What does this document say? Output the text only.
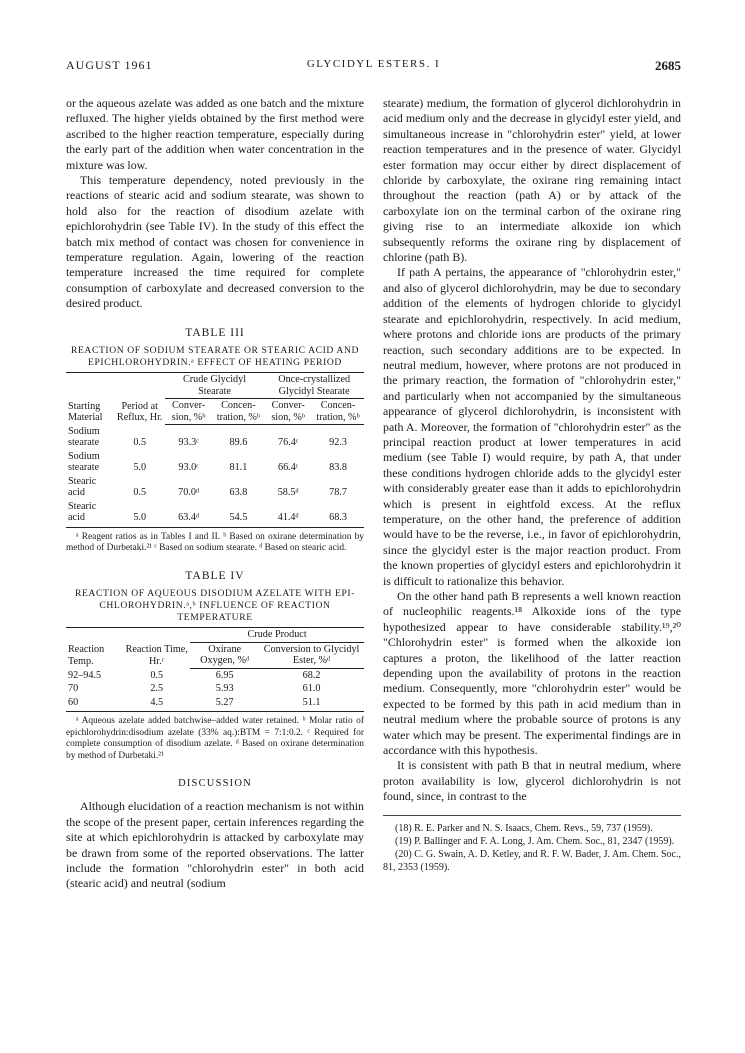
AUGUST 1961	GLYCIDYL ESTERS. I	2685

or the aqueous azelate was added as one batch and the mixture refluxed. The higher yields obtained by the first method were ascribed to the higher reaction temperature, especially during the early part of the addition when water concentration in the mixture was low.

This temperature dependency, noted previously in the reactions of stearic acid and sodium stearate, was shown to hold also for the reaction of disodium azelate with epichlorohydrin (see Table IV). In the study of this effect the batch mix method of contact was chosen for convenience in temperature regulation. Again, lowering of the reaction temperature increased the time required for complete consumption of carboxylate and decreased conversion to the desired product.

TABLE III
REACTION OF SODIUM STEARATE OR STEARIC ACID AND
EPICHLOROHYDRIN.ᵃ EFFECT OF HEATING PERIOD
Starting Material	Period at Reflux, Hr.	Crude Glycidyl Stearate		Once-crystallized Glycidyl Stearate	
		Conver- sion, %ᵇ	Concen- tration, %ᵇ	Conver- sion, %ᵇ	Concen- tration, %ᵇ
Sodium stearate	0.5	93.3ᶜ	89.6	76.4ᶜ	92.3
Sodium stearate	5.0	93.0ᶜ	81.1	66.4ᶜ	83.8
Stearic acid	0.5	70.0ᵈ	63.8	58.5ᵈ	78.7
Stearic acid	5.0	63.4ᵈ	54.5	41.4ᵈ	68.3
ᵃ Reagent ratios as in Tables I and II. ᵇ Based on oxirane determination by method of Durbetaki.²¹ ᶜ Based on sodium stearate. ᵈ Based on stearic acid.
TABLE IV
REACTION OF AQUEOUS DISODIUM AZELATE WITH EPI-
CHLOROHYDRIN.ᵃ,ᵇ INFLUENCE OF REACTION TEMPERATURE
Reaction Temp.	Reaction Time, Hr.ᶜ	Crude Product	
		Oxirane Oxygen, %ᵈ	Conversion to Glycidyl Ester, %ᵈ
92–94.5	0.5	6.95	68.2
70	2.5	5.93	61.0
60	4.5	5.27	51.1
ᵃ Aqueous azelate added batchwise–added water retained. ᵇ Molar ratio of epichlorohydrin:disodium azelate (33% aq.):BTM = 7:1:0.2. ᶜ Required for complete consumption of disodium azelate. ᵈ Based on oxirane determination by method of Durbetaki.²¹
DISCUSSION

Although elucidation of a reaction mechanism is not within the scope of the present paper, certain inferences regarding the site at which epichlorohydrin is attacked by carboxylate may be drawn from some of the reported observations. The latter include the formation "chlorohydrin ester" in both acid (stearic acid) and neutral (sodium

stearate) medium, the formation of glycerol dichlorohydrin in acid medium only and the decrease in glycidyl ester yield, and simultaneous increase in "chlorohydrin ester" yield, at lower reaction temperatures and in the presence of water. Glycidyl ester formation may occur either by direct displacement of chloride by carboxylate, the oxirane ring remaining intact throughout the reaction (path A) or by attack of the carboxylate ion on the terminal carbon of the oxirane ring giving rise to an intermediate alkoxide ion which subsequently reforms the oxirane ring by displacement of chlorine (path B).

If path A pertains, the appearance of "chlorohydrin ester," and also of glycerol dichlorohydrin, may be due to secondary addition of the elements of hydrogen chloride to glycidyl stearate and epichlorohydrin, respectively. In acid medium, where protons and chloride ions are products of the primary reaction, such secondary additions are to be expected. In neutral medium, however, where protons are not produced in the primary reaction, the formation of "chlorohydrin ester," and particularly when not accompanied by the simultaneous appearance of glycerol dichlorohydrin, is inconsistent with path A. Moreover, the formation of "chlorohydrin ester" as the principal reaction product at lower temperatures in acid medium (see Table I) would require, by path A, that under these conditions hydrogen chloride adds to the glycidyl ester with considerably greater ease than it adds to epichlorohydrin which is present in eightfold excess. At the reflux temperature, on the other hand, the preference of addition would have to be the reverse, i.e., in favor of epichlorohydrin, since the glycidyl ester is the major reaction product. From the known properties of glycidyl esters and epichlorohydrin it is difficult to rationalize this behavior.

On the other hand path B represents a well known reaction of nucleophilic reagents.¹⁸ Alkoxide ions of the type hypothesized appear to have considerable stability.¹⁹,²⁰ "Chlorohydrin ester" is formed when the alkoxide ion captures a proton, the likelihood of the latter reaction depending upon the availability of protons in the reaction medium. Consequently, more "chlorohydrin ester" would be expected to be formed by this path in acid medium than in neutral medium where the probable source of protons is any water which may be present. The experimental findings are in accordance with this hypothesis.

It is consistent with path B that in neutral medium, where proton availability is low, glycerol dichlorohydrin is not found, since, in contrast to the

(18) R. E. Parker and N. S. Isaacs, Chem. Revs., 59, 737 (1959).

(19) P. Ballinger and F. A. Long, J. Am. Chem. Soc., 81, 2347 (1959).

(20) C. G. Swain, A. D. Ketley, and R. F. W. Bader, J. Am. Chem. Soc., 81, 2353 (1959).
